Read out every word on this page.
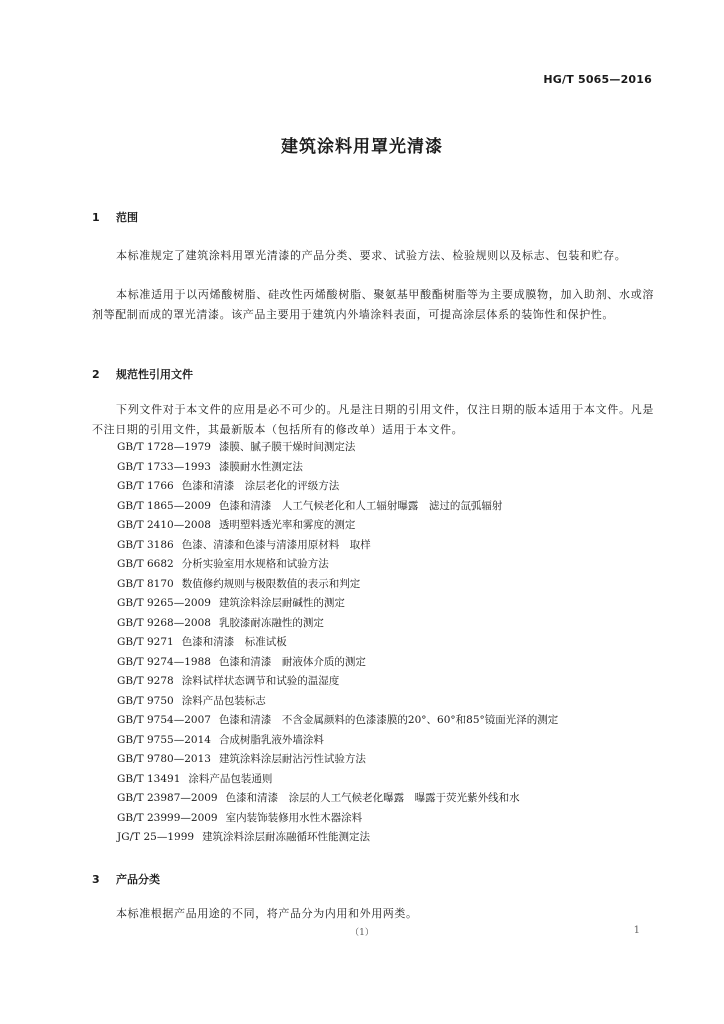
HG/T 5065—2016
建筑涂料用罩光清漆
1 范围
本标准规定了建筑涂料用罩光清漆的产品分类、要求、试验方法、检验规则以及标志、包装和贮存。
本标准适用于以丙烯酸树脂、硅改性丙烯酸树脂、聚氨基甲酸酯树脂等为主要成膜物，加入助剂、水或溶剂等配制而成的罩光清漆。该产品主要用于建筑内外墙涂料表面，可提高涂层体系的装饰性和保护性。
2 规范性引用文件
下列文件对于本文件的应用是必不可少的。凡是注日期的引用文件，仅注日期的版本适用于本文件。凡是不注日期的引用文件，其最新版本（包括所有的修改单）适用于本文件。
GB/T 1728—1979 漆膜、腻子膜干燥时间测定法
GB/T 1733—1993 漆膜耐水性测定法
GB/T 1766 色漆和清漆　涂层老化的评级方法
GB/T 1865—2009 色漆和清漆　人工气候老化和人工辐射曝露　滤过的氙弧辐射
GB/T 2410—2008 透明塑料透光率和雾度的测定
GB/T 3186 色漆、清漆和色漆与清漆用原材料　取样
GB/T 6682 分析实验室用水规格和试验方法
GB/T 8170 数值修约规则与极限数值的表示和判定
GB/T 9265—2009 建筑涂料涂层耐碱性的测定
GB/T 9268—2008 乳胶漆耐冻融性的测定
GB/T 9271 色漆和清漆　标准试板
GB/T 9274—1988 色漆和清漆　耐液体介质的测定
GB/T 9278 涂料试样状态调节和试验的温湿度
GB/T 9750 涂料产品包装标志
GB/T 9754—2007 色漆和清漆　不含金属颜料的色漆漆膜的20°、60°和85°镜面光泽的测定
GB/T 9755—2014 合成树脂乳液外墙涂料
GB/T 9780—2013 建筑涂料涂层耐沾污性试验方法
GB/T 13491 涂料产品包装通则
GB/T 23987—2009 色漆和清漆　涂层的人工气候老化曝露　曝露于荧光紫外线和水
GB/T 23999—2009 室内装饰装修用水性木器涂料
JG/T 25—1999 建筑涂料涂层耐冻融循环性能测定法
3 产品分类
本标准根据产品用途的不同，将产品分为内用和外用两类。
（1）	1
